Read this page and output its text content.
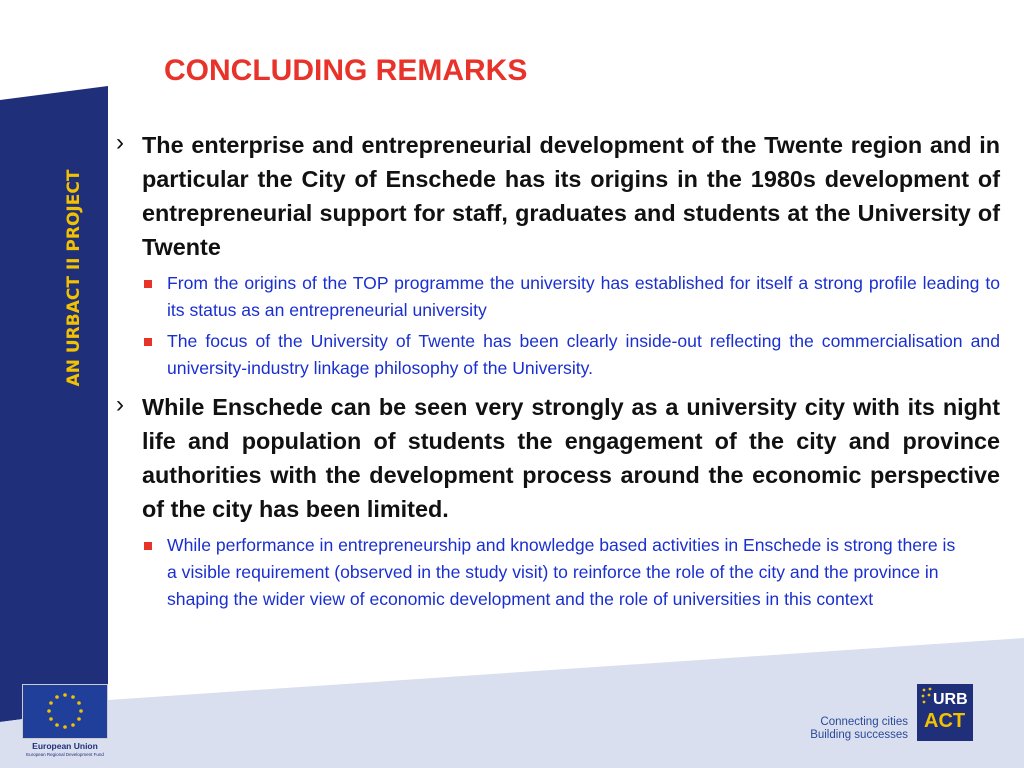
AN URBACT II PROJECT
CONCLUDING REMARKS

› The enterprise and entrepreneurial development of the Twente region and in particular the City of Enschede has its origins in the 1980s development of entrepreneurial support for staff, graduates and students at the University of Twente

From the origins of the TOP programme the university has established for itself a strong profile leading to its status as an entrepreneurial university

The focus of the University of Twente has been clearly inside-out reflecting the commercialisation and university-industry linkage philosophy of the University.

› While Enschede can be seen very strongly as a university city with its night life and population of students the engagement of the city and province authorities with the development process around the economic perspective of the city has been limited.

While performance in entrepreneurship and knowledge based activities in Enschede is strong there is a visible requirement (observed in the study visit) to reinforce the role of the city and the province in shaping the wider view of economic development and the role of universities in this context

European Union
European Regional Development Fund
Connecting cities
Building successes
URB
ACT
